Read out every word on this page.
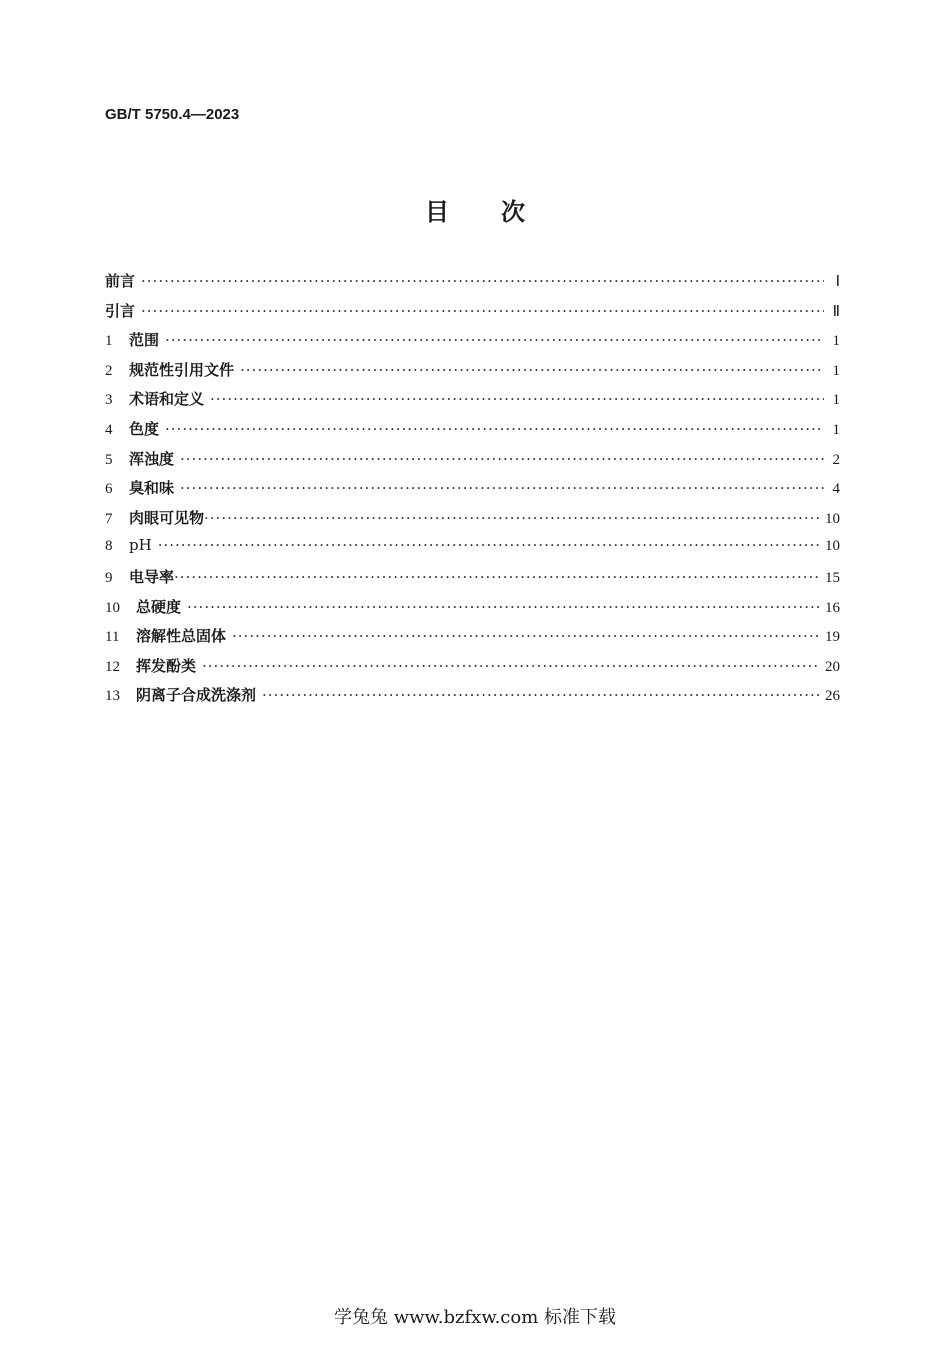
GB/T 5750.4—2023
目次
前言 ·····	Ⅰ
引言 ·····	Ⅱ
1	范围 ·····	1
2	规范性引用文件 ·····	1
3	术语和定义 ·····	1
4	色度 ·····	1
5	浑浊度 ·····	2
6	臭和味 ·····	4
7	肉眼可见物 ·····	10
8	pH ·····	10
9	电导率 ·····	15
10	总硬度 ·····	16
11	溶解性总固体 ·····	19
12	挥发酚类 ·····	20
13	阴离子合成洗涤剂 ·····	26
学兔兔 www.bzfxw.com 标准下载
